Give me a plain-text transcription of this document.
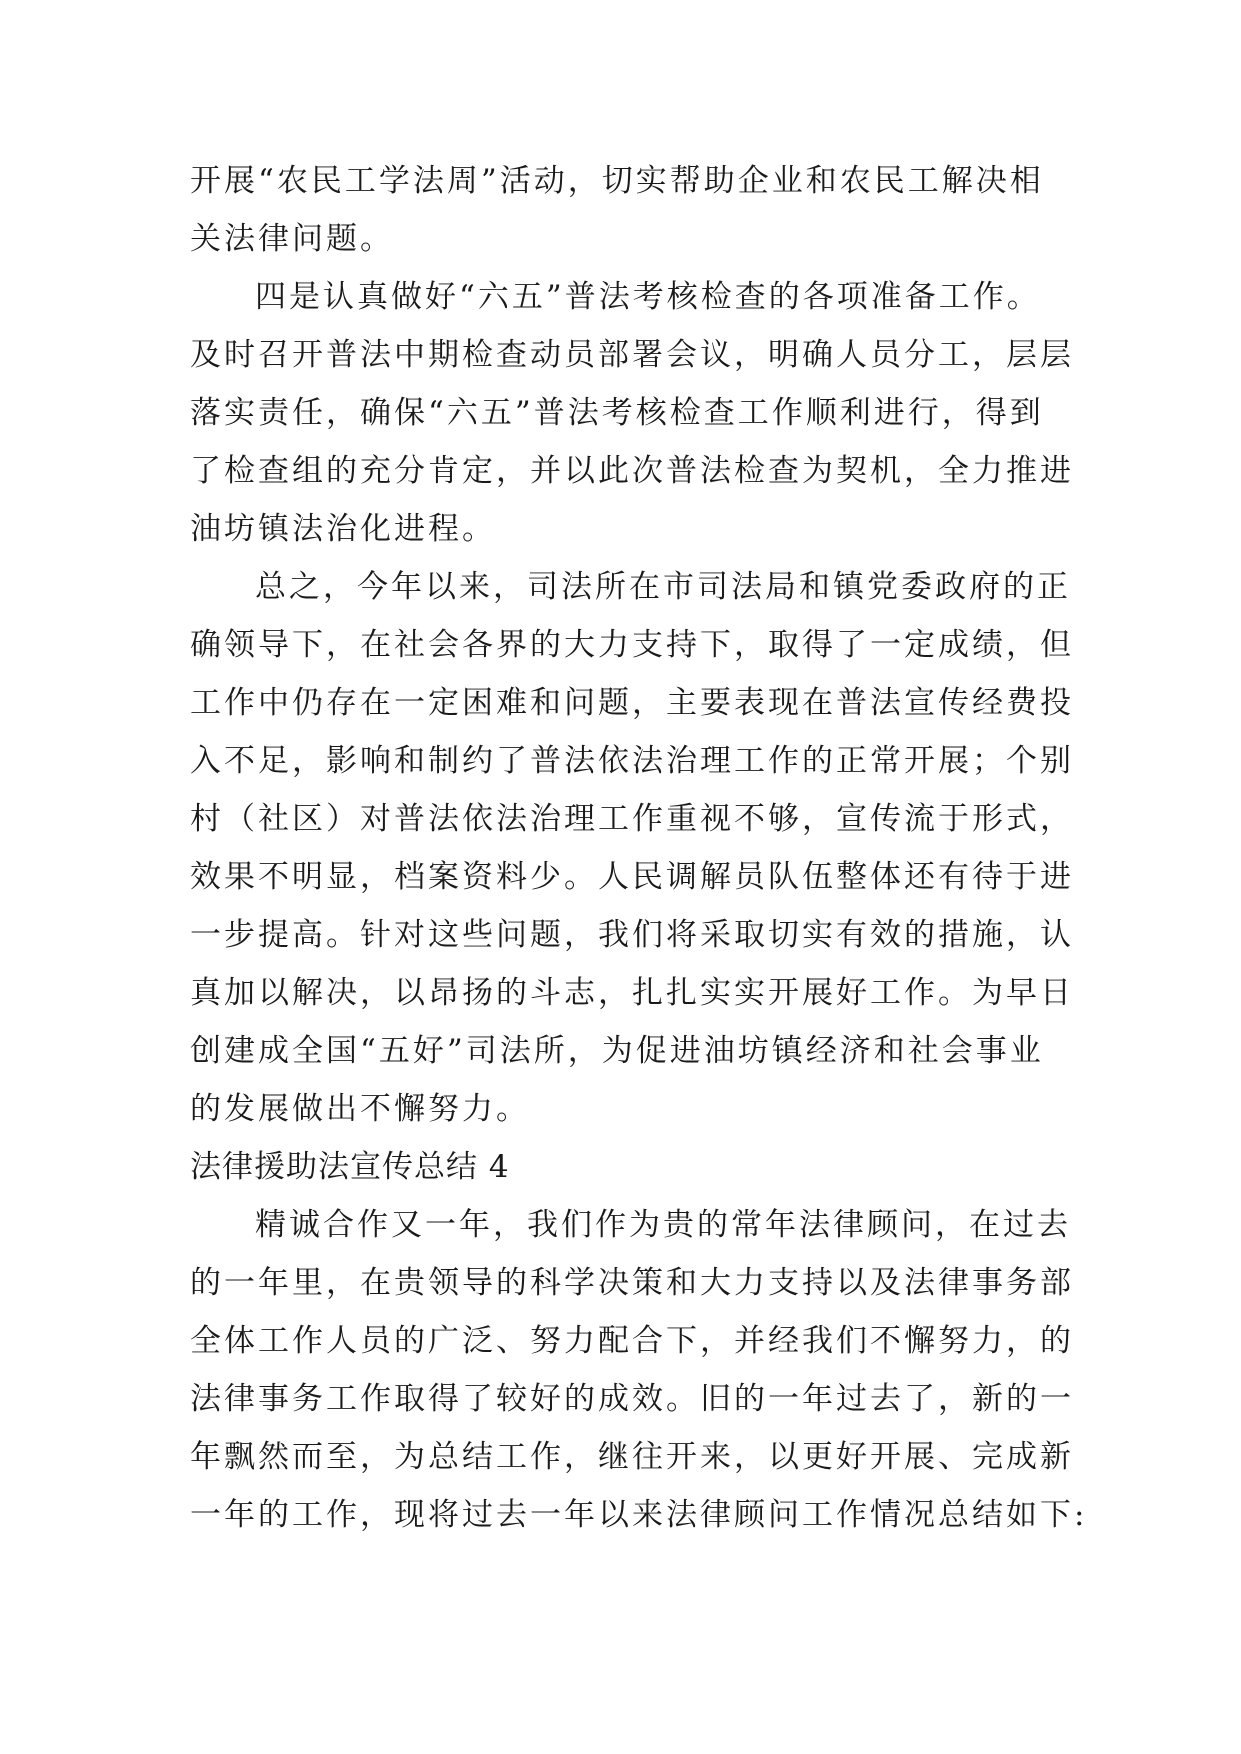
开展“农民工学法周”活动，切实帮助企业和农民工解决相
关法律问题。
四是认真做好“六五”普法考核检查的各项准备工作。
及时召开普法中期检查动员部署会议，明确人员分工，层层
落实责任，确保“六五”普法考核检查工作顺利进行，得到
了检查组的充分肯定，并以此次普法检查为契机，全力推进
油坊镇法治化进程。
总之，今年以来，司法所在市司法局和镇党委政府的正
确领导下，在社会各界的大力支持下，取得了一定成绩，但
工作中仍存在一定困难和问题，主要表现在普法宣传经费投
入不足，影响和制约了普法依法治理工作的正常开展；个别
村（社区）对普法依法治理工作重视不够，宣传流于形式，
效果不明显，档案资料少。人民调解员队伍整体还有待于进
一步提高。针对这些问题，我们将采取切实有效的措施，认
真加以解决，以昂扬的斗志，扎扎实实开展好工作。为早日
创建成全国“五好”司法所，为促进油坊镇经济和社会事业
的发展做出不懈努力。
法律援助法宣传总结 4
精诚合作又一年，我们作为贵的常年法律顾问，在过去
的一年里，在贵领导的科学决策和大力支持以及法律事务部
全体工作人员的广泛、努力配合下，并经我们不懈努力，的
法律事务工作取得了较好的成效。旧的一年过去了，新的一
年飘然而至，为总结工作，继往开来，以更好开展、完成新
一年的工作，现将过去一年以来法律顾问工作情况总结如下:
